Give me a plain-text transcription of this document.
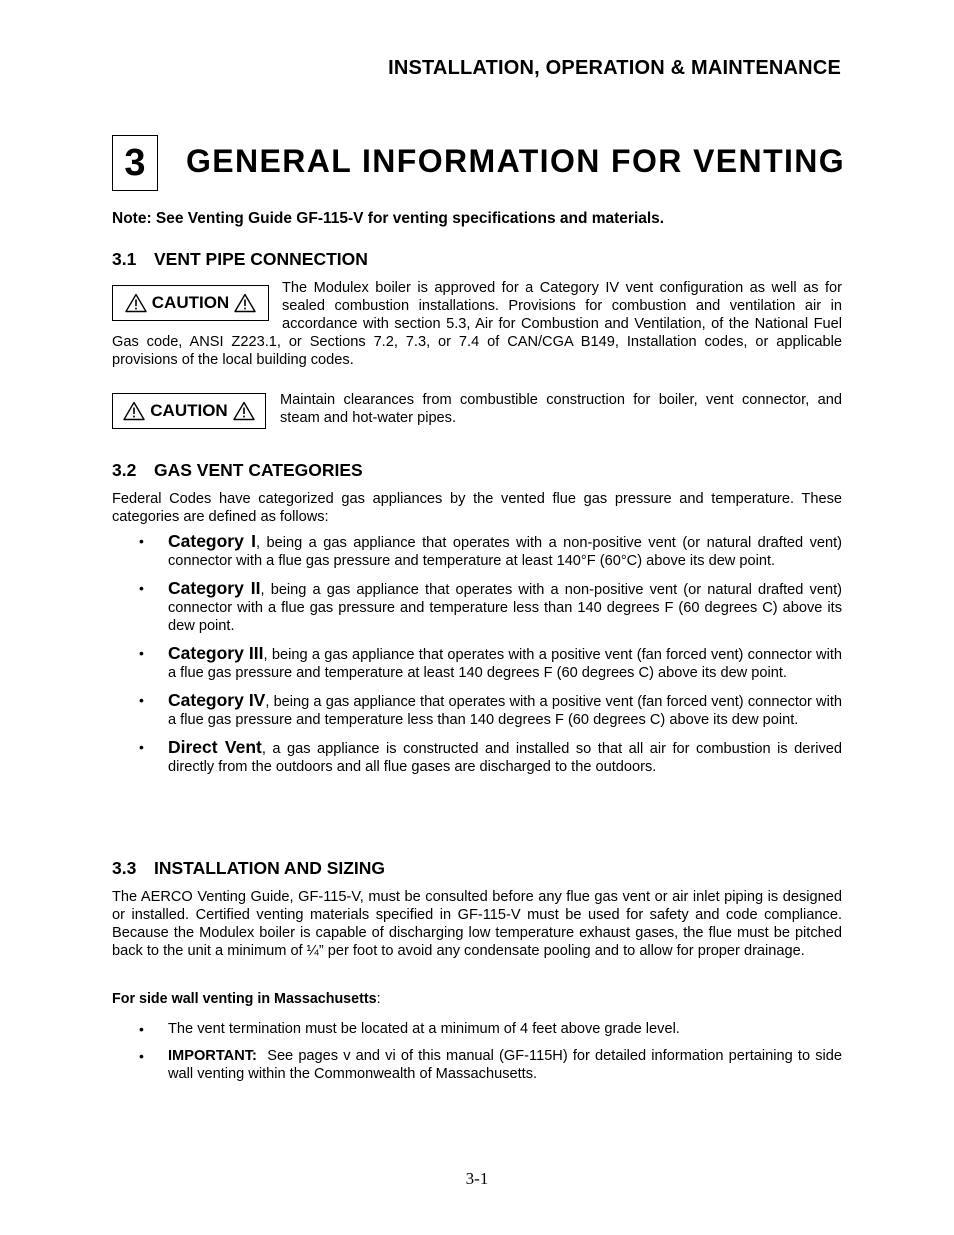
INSTALLATION, OPERATION & MAINTENANCE
3	GENERAL INFORMATION FOR VENTING
Note: See Venting Guide GF-115-V for venting specifications and materials.
3.1 VENT PIPE CONNECTION
CAUTION
The Modulex boiler is approved for a Category IV vent configuration as well as for sealed combustion installations. Provisions for combustion and ventilation air in accordance with section 5.3, Air for Combustion and Ventilation, of the National Fuel Gas code, ANSI Z223.1, or Sections 7.2, 7.3, or 7.4 of CAN/CGA B149, Installation codes, or applicable provisions of the local building codes.
CAUTION
Maintain clearances from combustible construction for boiler, vent connector, and steam and hot-water pipes.
3.2 GAS VENT CATEGORIES
Federal Codes have categorized gas appliances by the vented flue gas pressure and temperature. These categories are defined as follows:
• Category I, being a gas appliance that operates with a non-positive vent (or natural drafted vent) connector with a flue gas pressure and temperature at least 140°F (60°C) above its dew point.
• Category II, being a gas appliance that operates with a non-positive vent (or natural drafted vent) connector with a flue gas pressure and temperature less than 140 degrees F (60 degrees C) above its dew point.
• Category III, being a gas appliance that operates with a positive vent (fan forced vent) connector with a flue gas pressure and temperature at least 140 degrees F (60 degrees C) above its dew point.
• Category IV, being a gas appliance that operates with a positive vent (fan forced vent) connector with a flue gas pressure and temperature less than 140 degrees F (60 degrees C) above its dew point.
• Direct Vent, a gas appliance is constructed and installed so that all air for combustion is derived directly from the outdoors and all flue gases are discharged to the outdoors.
3.3 INSTALLATION AND SIZING
The AERCO Venting Guide, GF-115-V, must be consulted before any flue gas vent or air inlet piping is designed or installed. Certified venting materials specified in GF-115-V must be used for safety and code compliance. Because the Modulex boiler is capable of discharging low temperature exhaust gases, the flue must be pitched back to the unit a minimum of ¼” per foot to avoid any condensate pooling and to allow for proper drainage.
For side wall venting in Massachusetts:
• The vent termination must be located at a minimum of 4 feet above grade level.
• IMPORTANT:  See pages v and vi of this manual (GF-115H) for detailed information pertaining to side wall venting within the Commonwealth of Massachusetts.
3-1
